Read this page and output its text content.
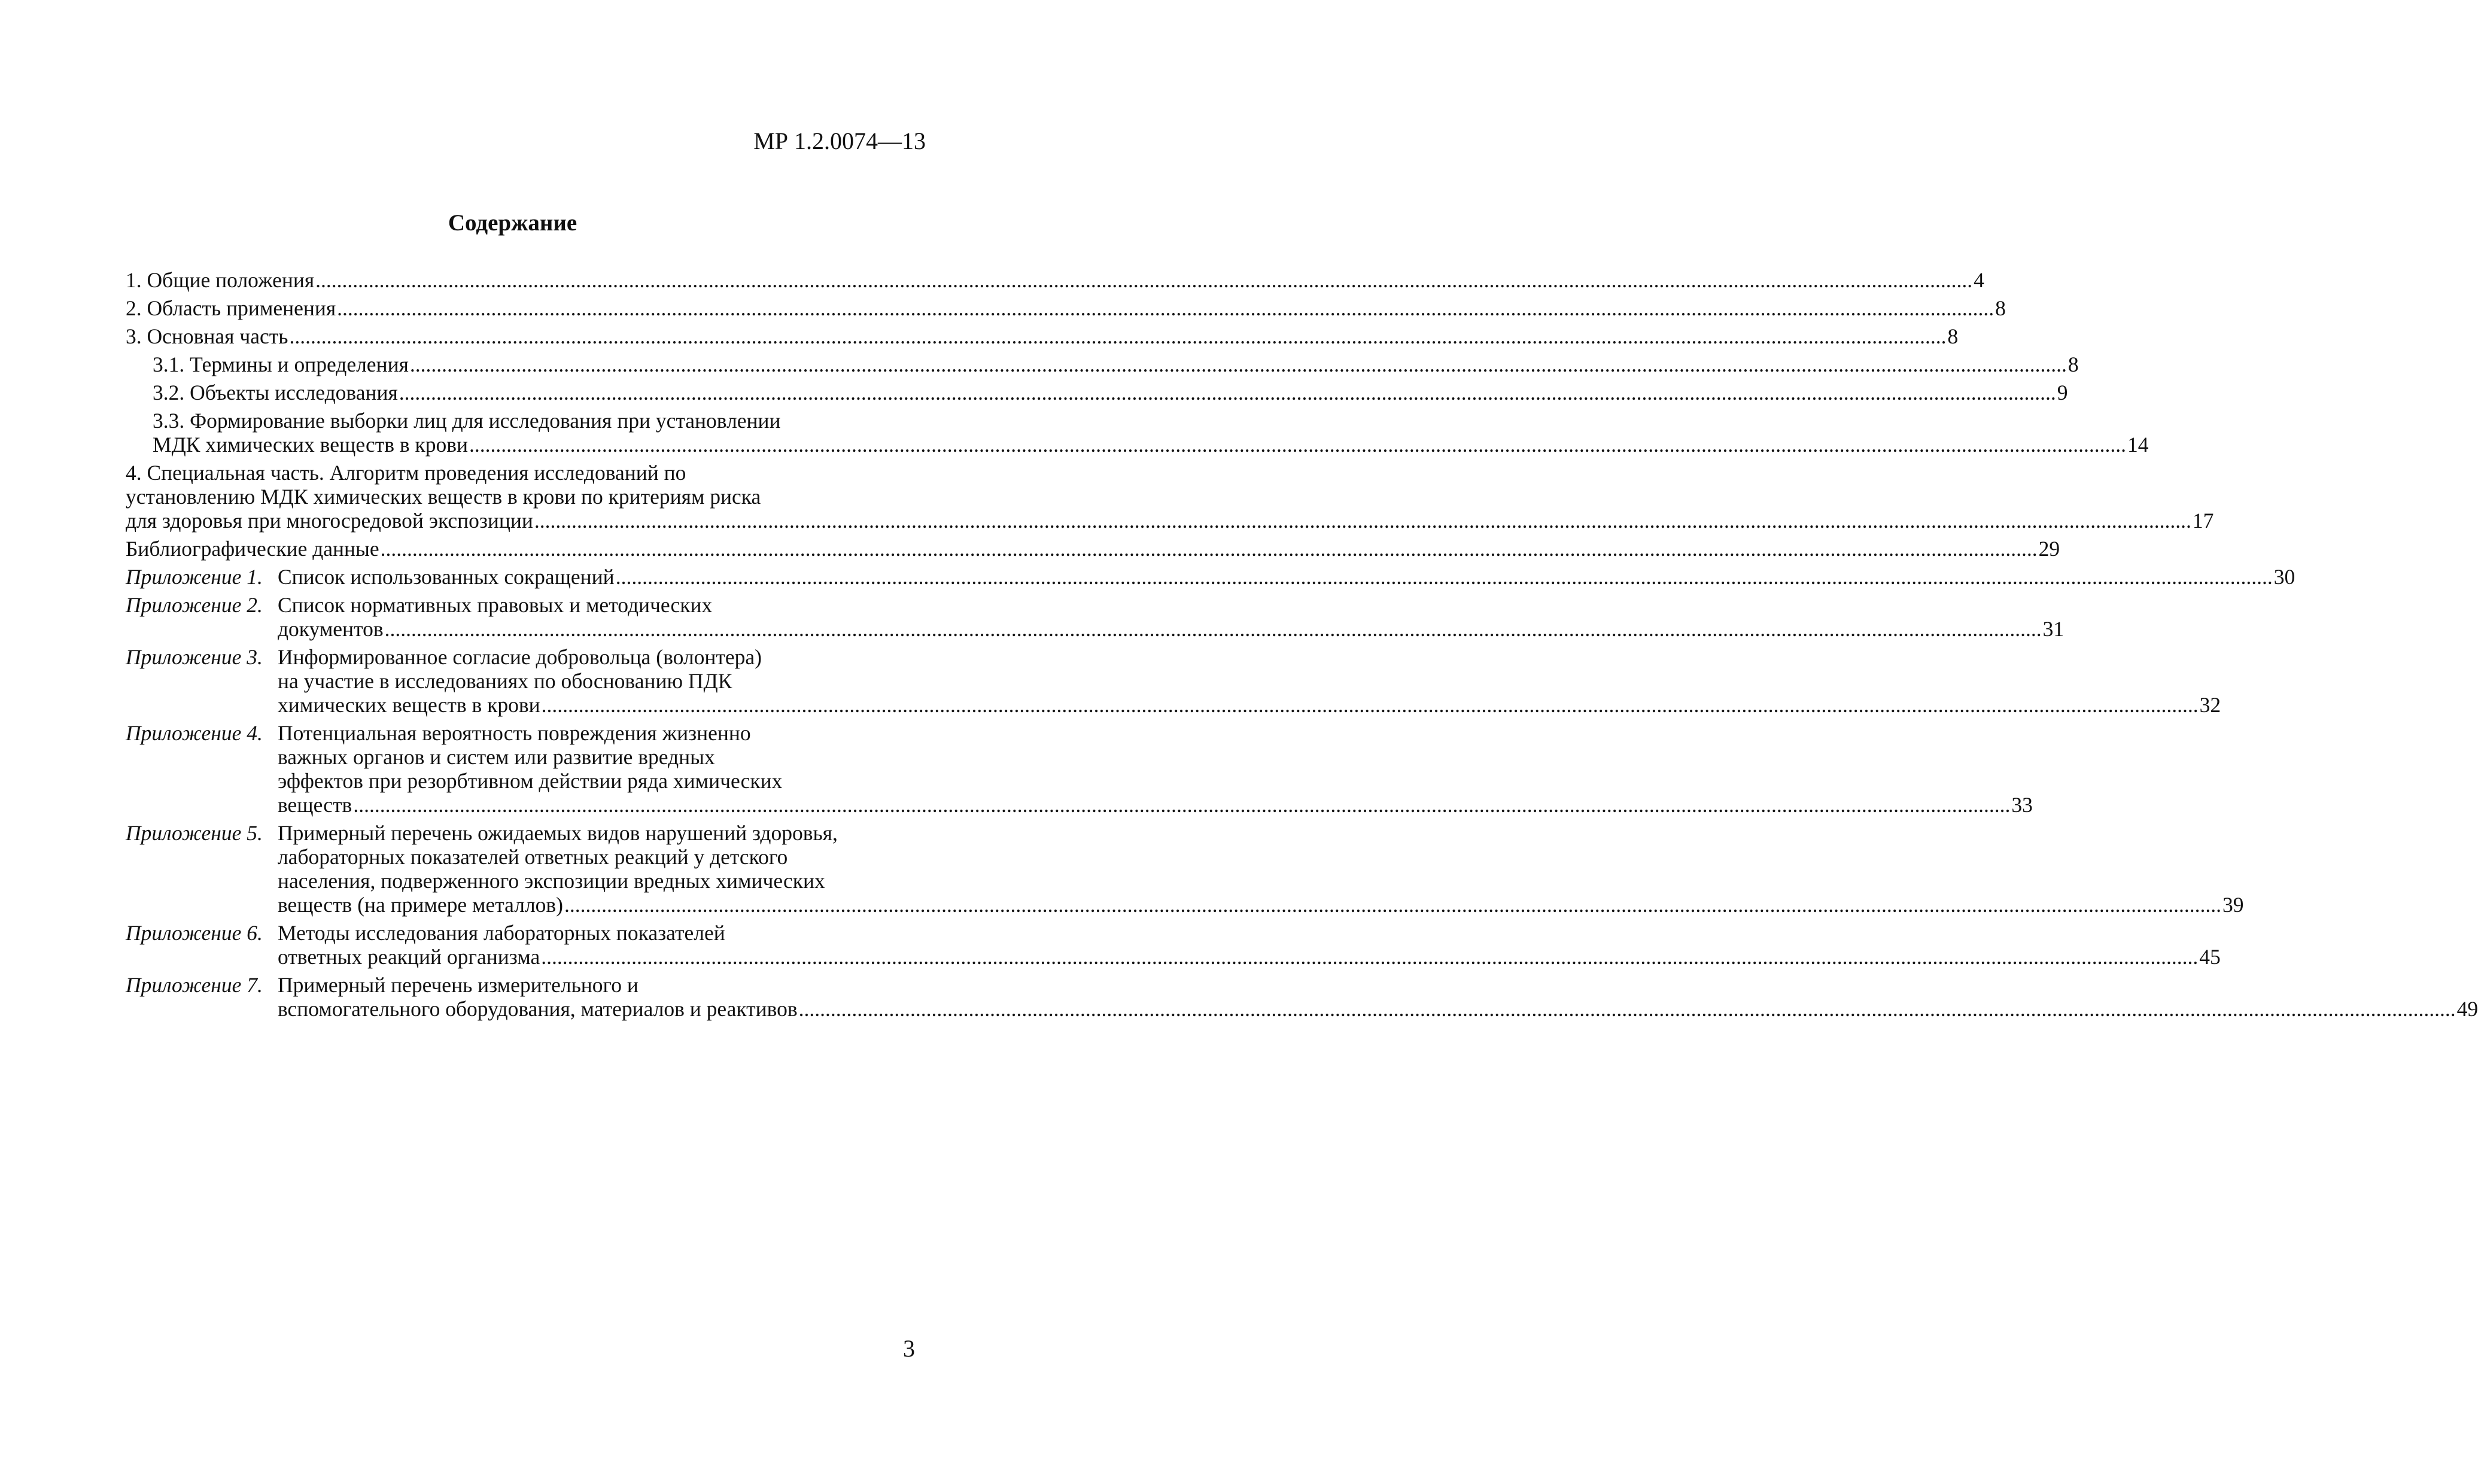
МР 1.2.0074—13
Содержание
1. Общие положения .....	4
2. Область применения .....	8
3. Основная часть .....	8
3.1. Термины и определения .....	8
3.2. Объекты исследования .....	9
3.3. Формирование выборки лиц для исследования при установлении
МДК химических веществ в крови .....	14
4. Специальная часть. Алгоритм проведения исследований по
установлению МДК химических веществ в крови по критериям риска
для здоровья при многосредовой экспозиции .....	17
Библиографические данные .....	29
Приложение 1. Список использованных сокращений .....	30
Приложение 2. Список нормативных правовых и методических
документов .....	31
Приложение 3. Информированное согласие добровольца (волонтера)
на участие в исследованиях по обоснованию ПДК
химических веществ в крови .....	32
Приложение 4. Потенциальная вероятность повреждения жизненно
важных органов и систем или развитие вредных
эффектов при резорбтивном действии ряда химических
веществ .....	33
Приложение 5. Примерный перечень ожидаемых видов нарушений здоровья,
лабораторных показателей ответных реакций у детского
населения, подверженного экспозиции вредных химических
веществ (на примере металлов) .....	39
Приложение 6. Методы исследования лабораторных показателей
ответных реакций организма .....	45
Приложение 7. Примерный перечень измерительного и
вспомогательного оборудования, материалов и реактивов .....	49
3
